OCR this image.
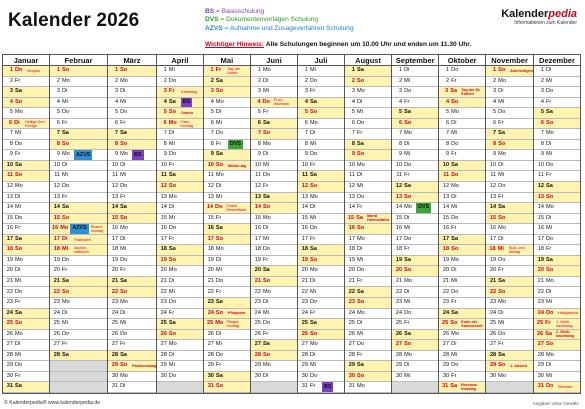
Kalender 2026	BS = Basisschulung
DVS = Dokumentenvorlagen Schulung
AZVS = Aufnahme und Zusageverfahren Schulung
Wichtiger Hinweis: Alle Schulungen beginnen um 10.00 Uhr und enden um 11.30 Uhr.
Kalenderpedia
Informationen zum Kalender
Januar
1 Do	Neujahr
2 Fr
3 Sa
4 So
5 Mo
6 Di	Heilige Drei Könige
7 Mi
8 Do
9 Fr
10 Sa
11 So
12 Mo
13 Di
14 Mi
15 Do
16 Fr
17 Sa
18 So
19 Mo
20 Di
21 Mi
22 Do
23 Fr
24 Sa
25 So
26 Mo
27 Di
28 Mi
29 Do
30 Fr
31 Sa
Februar
1 So
2 Mo
3 Di
4 Mi
5 Do
6 Fr
7 Sa
8 So
9 Mo	AZVS
10 Di
11 Mi
12 Do
13 Fr
14 Sa
15 So
16 Mo AZVS	Rosen-montag
17 Di	Fastnacht
18 Mi	Ascher-mittwoch
19 Do
20 Fr
21 Sa
22 So
23 Mo
24 Di
25 Mi
26 Do
27 Fr
28 Sa
März
1 So
2 Mo
3 Di
4 Mi
5 Do
6 Fr
7 Sa
8 So
9 Mo	BS
10 Di
11 Mi
12 Do
13 Fr
14 Sa
15 So
16 Mo
17 Di
18 Mi
19 Do
20 Fr
21 Sa
22 So
23 Mo
24 Di
25 Mi
26 Do
27 Fr
28 Sa
29 So	Palmsonntag
30 Mo
31 Di
April
1 Mi
2 Do
3 Fr	Karfreitag
4 Sa	BS
5 So	Ostern
6 Mo Oster-montag
7 Di
8 Mi
9 Do
10 Fr
11 Sa
12 So
13 Mo
14 Di
15 Mi
16 Do
17 Fr
18 Sa
19 So
20 Mo
21 Di
22 Mi
23 Do
24 Fr
25 Sa
26 So
27 Mo
28 Di
29 Mi
30 Do
Mai
1 Fr	Tag der Arbeit
2 Sa
3 So
4 Mo
5 Di
6 Mi
7 Do
8 Fr	DVS
9 Sa
10 So	Mutter-tag
11 Mo
12 Di
13 Mi
14 Do Christi Himmelfahrt
15 Fr
16 Sa
17 So
18 Mo
19 Di
20 Mi
21 Do
22 Fr
23 Sa
24 So	Pfingsten
25 Mo Pfingst-montag
26 Di
27 Mi
28 Do
29 Fr
30 Sa
31 So
Juni
1 Mo
2 Di
3 Mi
4 Do	Fron-leichnam
5 Fr
6 Sa
7 So
8 Mo
9 Di
10 Mi
11 Do
12 Fr
13 Sa
14 So
15 Mo
16 Di
17 Mi
18 Do
19 Fr
20 Sa
21 So
22 Mo
23 Di
24 Mi
25 Do
26 Fr
27 Sa
28 So
29 Mo
30 Di
Juli
1 Mi
2 Do
3 Fr
4 Sa
5 So
6 Mo
7 Di
8 Mi
9 Do
10 Fr
11 Sa
12 So
13 Mo
14 Di
15 Mi
16 Do
17 Fr
18 Sa
19 So
20 Mo
21 Di
22 Mi
23 Do
24 Fr
25 Sa
26 So
27 Mo
28 Di
29 Mi
30 Do
31 Fr	BS
August
1 Sa
2 So
3 Mo
4 Di
5 Mi
6 Do
7 Fr
8 Sa
9 So
10 Mo
11 Di
12 Mi
13 Do
14 Fr
15 Sa	Mariä Himmelfahrt
16 So
17 Mo
18 Di
19 Mi
20 Do
21 Fr
22 Sa
23 So
24 Mo
25 Di
26 Mi
27 Do
28 Fr
29 Sa
30 So
31 Mo
September
1 Di
2 Mi
3 Do
4 Fr
5 Sa
6 So
7 Mo
8 Di
9 Mi
10 Do
11 Fr
12 Sa
13 So
14 Mo	DVS
15 Di
16 Mi
17 Do
18 Fr
19 Sa
20 So
21 Mo
22 Di
23 Mi
24 Do
25 Fr
26 Sa
27 So
28 Mo
29 Di
30 Mi
Oktober
1 Do
2 Fr
3 Sa	Tag der Dt. Einheit
4 So
5 Mo
6 Di
7 Mi
8 Do
9 Fr
10 Sa
11 So
12 Mo
13 Di
14 Mi
15 Do
16 Fr
17 Sa
18 So
19 Mo
20 Di
21 Mi
22 Do
23 Fr
24 Sa
25 So Ende der Sommerzeit
26 Mo
27 Di
28 Mi
29 Do
30 Fr
31 Sa	Reforma-tionstag
November
1 So	Allerheiligen
2 Mo
3 Di
4 Mi
5 Do
6 Fr
7 Sa
8 So
9 Mo
10 Di
11 Mi
12 Do
13 Fr
14 Sa
15 So
16 Mo
17 Di
18 Mi	Buß- und Bettag
19 Do
20 Fr
21 Sa
22 So
23 Mo
24 Di
25 Mi
26 Do
27 Fr
28 Sa
29 So	1. Advent
30 Mo
Dezember
1 Di
2 Mi
3 Do
4 Fr
5 Sa
6 So
7 Mo
8 Di
9 Mi
10 Do
11 Fr
12 Sa
13 So
14 Mo
15 Di
16 Mi
17 Do
18 Fr
19 Sa
20 So
21 Mo
22 Di
23 Mi
24 Do	Heiligabend
25 Fr	1. Weih-nachtstag
26 Sa	2. Weih-nachtstag
27 So
28 Mo
29 Di
30 Mi
31 Do	Silvester
© Kalenderpedia® www.kalenderpedia.de	Angaben ohne Gewähr
